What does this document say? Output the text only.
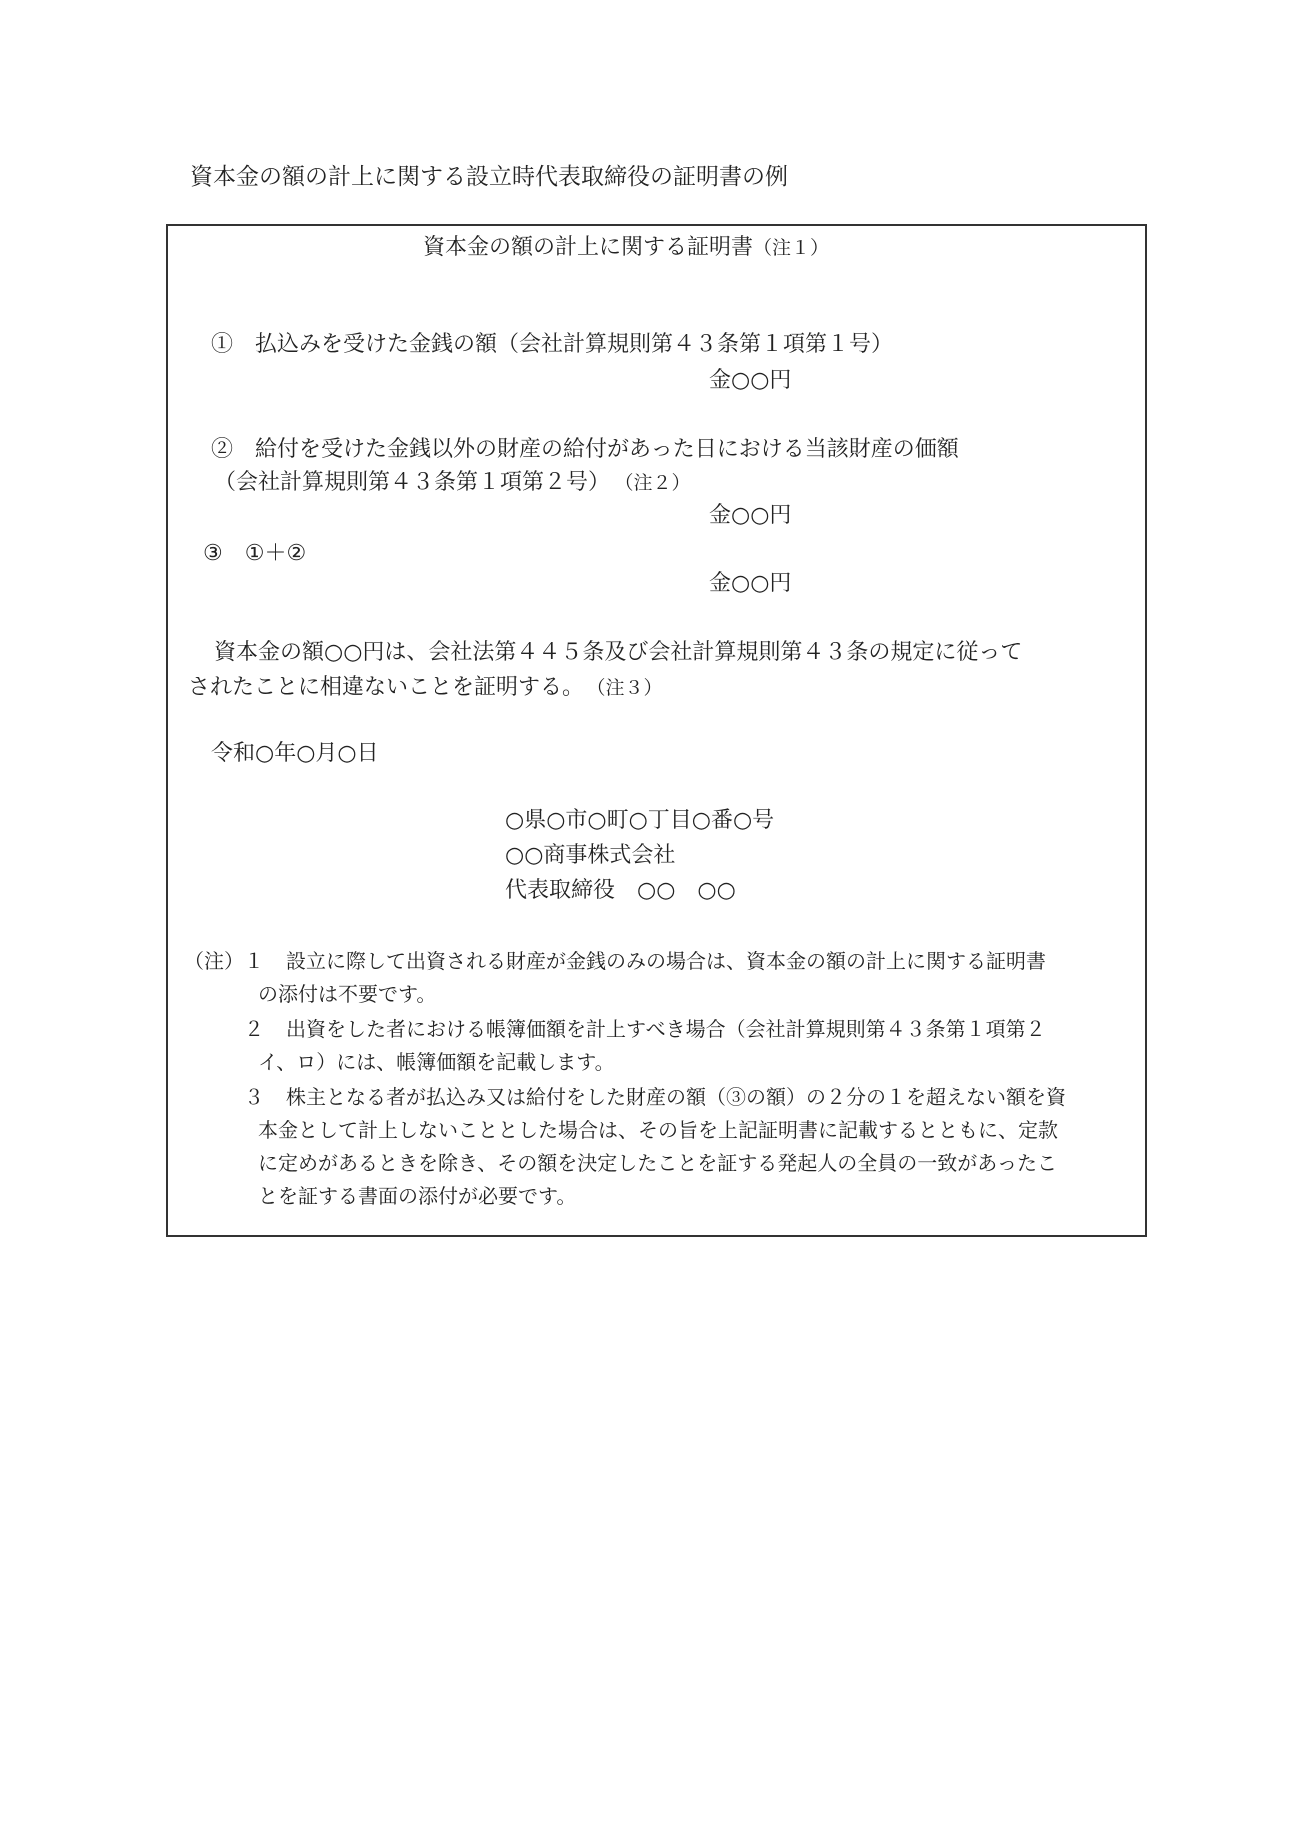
資本金の額の計上に関する設立時代表取締役の証明書の例
資本金の額の計上に関する証明書（注１）
①　払込みを受けた金銭の額（会社計算規則第４３条第１項第１号）
金○○円
②　給付を受けた金銭以外の財産の給付があった日における当該財産の価額
（会社計算規則第４３条第１項第２号） （注２）
金○○円
③　①＋②
金○○円
資本金の額○○円は、会社法第４４５条及び会社計算規則第４３条の規定に従って
されたことに相違ないことを証明する。 （注３）
令和○年○月○日
○県○市○町○丁目○番○号
○○商事株式会社
代表取締役　○○　○○
（注） １ 設立に際して出資される財産が金銭のみの場合は、資本金の額の計上に関する証明書
の添付は不要です。
２ 出資をした者における帳簿価額を計上すべき場合（会社計算規則第４３条第１項第２
イ、ロ）には、帳簿価額を記載します。
３ 株主となる者が払込み又は給付をした財産の額（③の額）の２分の１を超えない額を資
本金として計上しないこととした場合は、その旨を上記証明書に記載するとともに、定款
に定めがあるときを除き、その額を決定したことを証する発起人の全員の一致があったこ
とを証する書面の添付が必要です。
